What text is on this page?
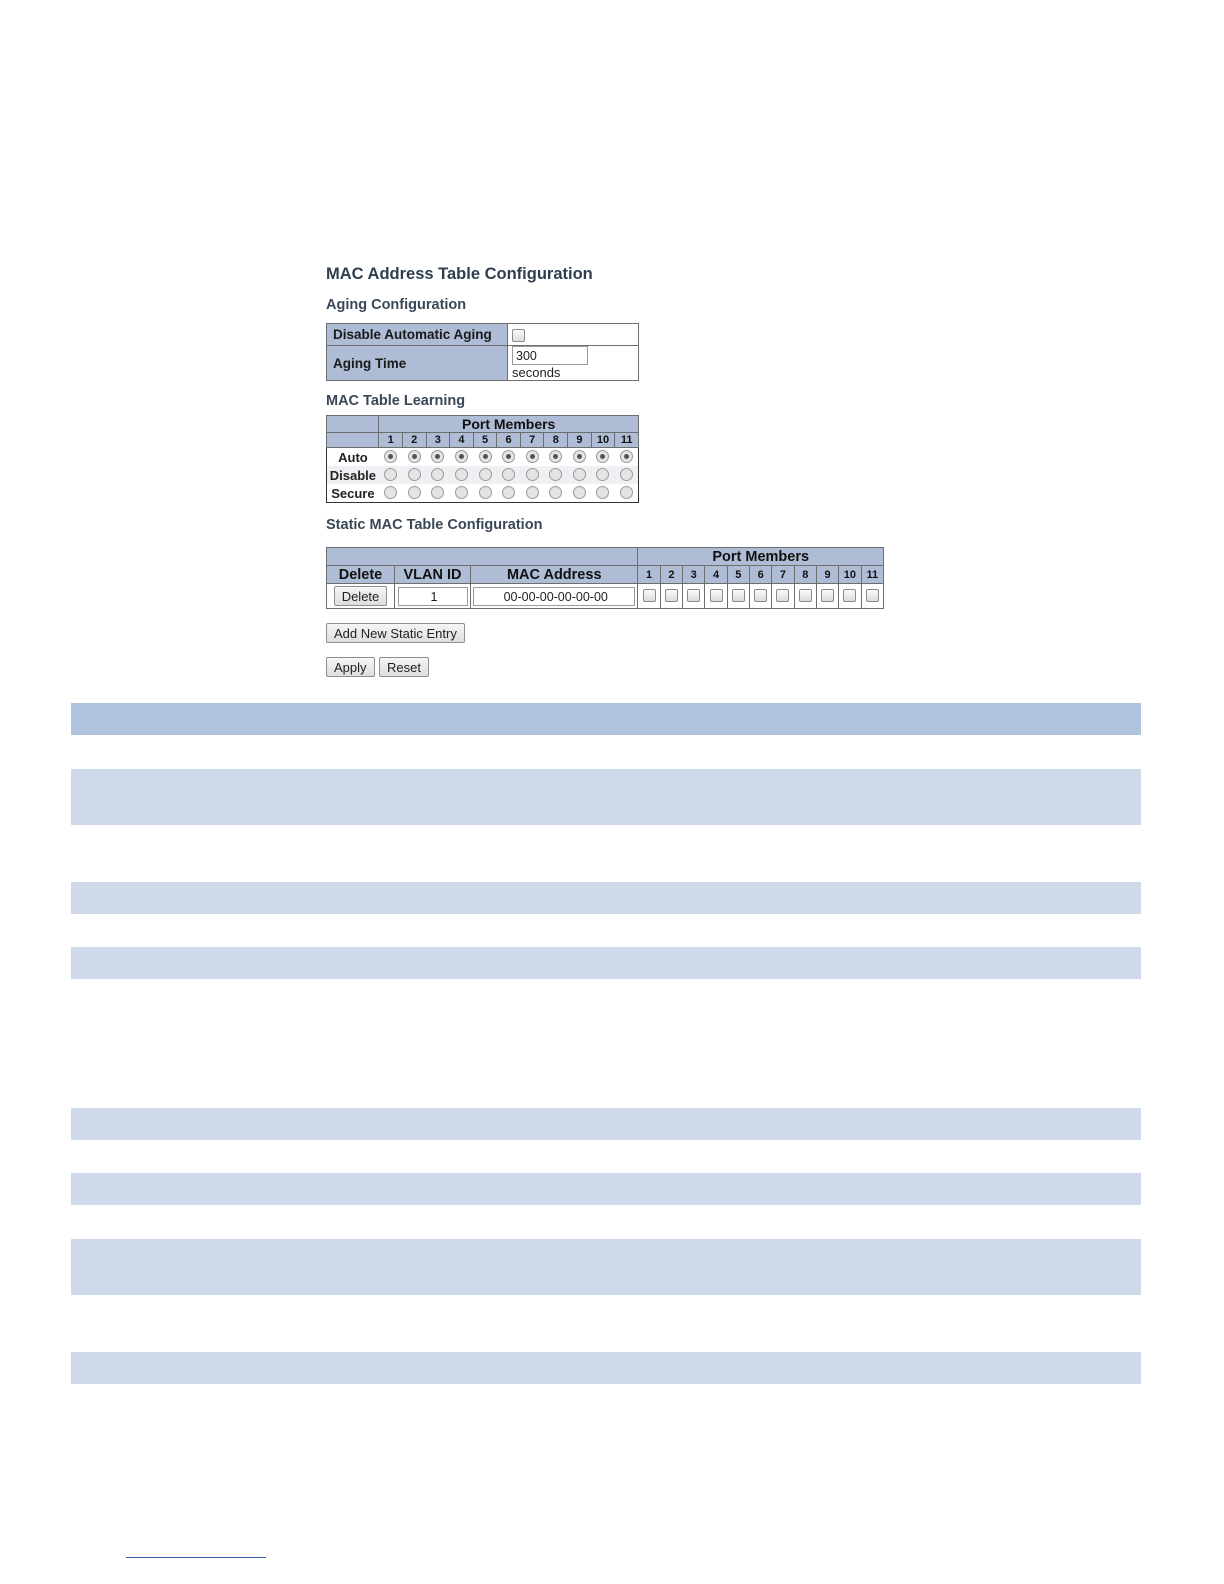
MAC Address Table Configuration
Aging Configuration
Disable Automatic Aging	
Aging Time	300 seconds
MAC Table Learning
	Port Members										
	1	2	3	4	5	6	7	8	9	10	11
Auto											
Disable											
Secure											
Static MAC Table Configuration
			Port Members										
Delete	VLAN ID	MAC Address	1	2	3	4	5	6	7	8	9	10	11
Delete	1	00-00-00-00-00-00											
Add New Static Entry
Apply Reset
